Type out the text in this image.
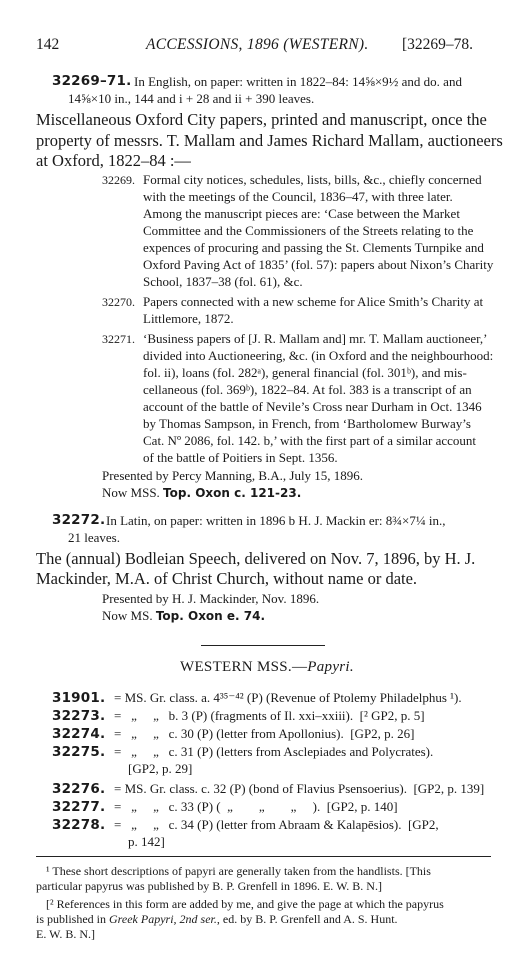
142	ACCESSIONS, 1896 (WESTERN). [32269–78.
32269–71. In English, on paper: written in 1822–84: 14⅝×9½ and do. and
14⅝×10 in., 144 and i + 28 and ii + 390 leaves.
Miscellaneous Oxford City papers, printed and manuscript, once the
property of messrs. T. Mallam and James Richard Mallam, auctioneers
at Oxford, 1822–84 :—
32269. Formal city notices, schedules, lists, bills, &c., chiefly concerned
with the meetings of the Council, 1836–47, with three later.
Among the manuscript pieces are: ‘Case between the Market
Committee and the Commissioners of the Streets relating to the
expences of procuring and passing the St. Clements Turnpike and
Oxford Paving Act of 1835’ (fol. 57): papers about Nixon’s Charity
School, 1837–38 (fol. 61), &c.
32270. Papers connected with a new scheme for Alice Smith’s Charity at
Littlemore, 1872.
32271. ‘Business papers of [J. R. Mallam and] mr. T. Mallam auctioneer,’
divided into Auctioneering, &c. (in Oxford and the neighbourhood:
fol. ii), loans (fol. 282ᵃ), general financial (fol. 301ᵇ), and mis-
cellaneous (fol. 369ᵇ), 1822–84. At fol. 383 is a transcript of an
account of the battle of Nevile’s Cross near Durham in Oct. 1346
by Thomas Sampson, in French, from ‘Bartholomew Burway’s
Cat. Nº 2086, fol. 142. b,’ with the first part of a similar account
of the battle of Poitiers in Sept. 1356.
Presented by Percy Manning, B.A., July 15, 1896.
Now MSS. Top. Oxon c. 121-23.
32272. In Latin, on paper: written in 1896 b H. J. Mackin er: 8¾×7¼ in.,
21 leaves.
The (annual) Bodleian Speech, delivered on Nov. 7, 1896, by H. J.
Mackinder, M.A. of Christ Church, without name or date.
Presented by H. J. Mackinder, Nov. 1896.
Now MS. Top. Oxon e. 74.
WESTERN MSS.—Papyri.
31901. = MS. Gr. class. a. 4³⁵⁻⁴² (P) (Revenue of Ptolemy Philadelphus ¹).
32273. =   „     „   b. 3 (P) (fragments of Il. xxi–xxiii).  [² GP2, p. 5]
32274. =   „     „   c. 30 (P) (letter from Apollonius).  [GP2, p. 26]
32275. =   „     „   c. 31 (P) (letters from Asclepiades and Polycrates).
[GP2, p. 29]
32276. = MS. Gr. class. c. 32 (P) (bond of Flavius Psensoerius).  [GP2, p. 139]
32277. =   „     „   c. 33 (P) (  „        „        „     ).  [GP2, p. 140]
32278. =   „     „   c. 34 (P) (letter from Abraam & Kalapēsios).  [GP2,
p. 142]
¹ These short descriptions of papyri are generally taken from the handlists. [This
particular papyrus was published by B. P. Grenfell in 1896. E. W. B. N.]
[² References in this form are added by me, and give the page at which the papyrus
is published in Greek Papyri, 2nd ser., ed. by B. P. Grenfell and A. S. Hunt.
E. W. B. N.]
